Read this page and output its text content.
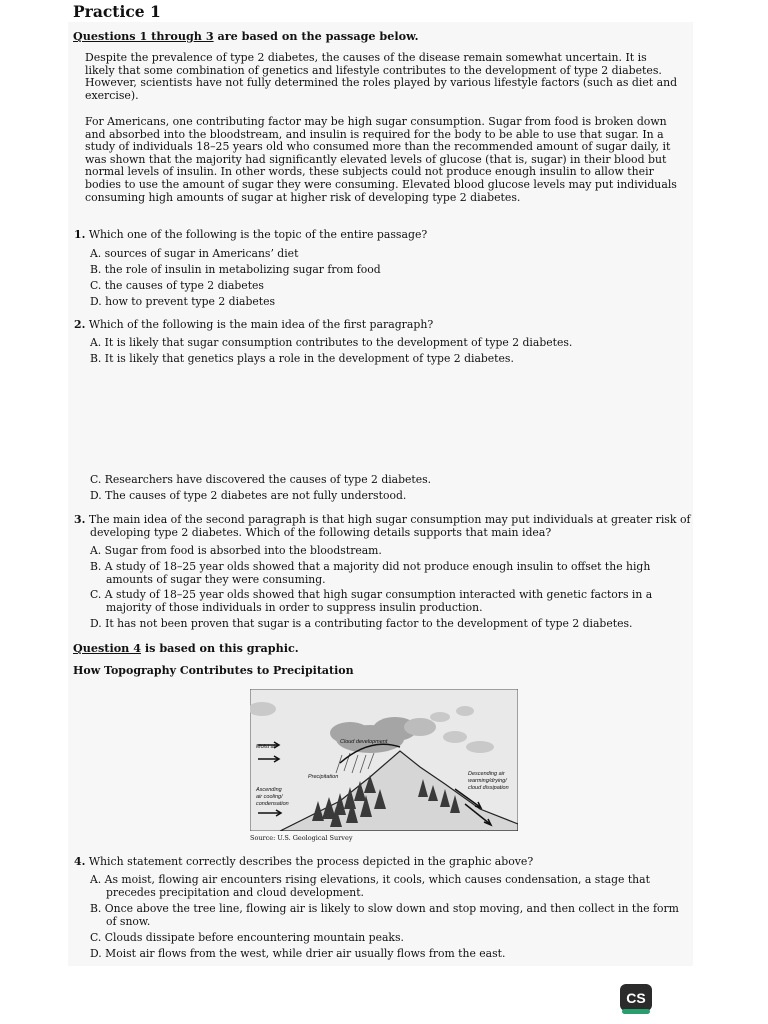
Practice 1
Questions 1 through 3 are based on the passage below.
Despite the prevalence of type 2 diabetes, the causes of the disease remain somewhat uncertain. It is likely that some combination of genetics and lifestyle contributes to the development of type 2 diabetes. However, scientists have not fully determined the roles played by various lifestyle factors (such as diet and exercise).
For Americans, one contributing factor may be high sugar consumption. Sugar from food is broken down and absorbed into the bloodstream, and insulin is required for the body to be able to use that sugar. In a study of individuals 18–25 years old who consumed more than the recommended amount of sugar daily, it was shown that the majority had significantly elevated levels of glucose (that is, sugar) in their blood but normal levels of insulin. In other words, these subjects could not produce enough insulin to allow their bodies to use the amount of sugar they were consuming. Elevated blood glucose levels may put individuals consuming high amounts of sugar at higher risk of developing type 2 diabetes.
1. Which one of the following is the topic of the entire passage?
A. sources of sugar in Americans’ diet
B. the role of insulin in metabolizing sugar from food
C. the causes of type 2 diabetes
D. how to prevent type 2 diabetes
2. Which of the following is the main idea of the first paragraph?
A. It is likely that sugar consumption contributes to the development of type 2 diabetes.
B. It is likely that genetics plays a role in the development of type 2 diabetes.
C. Researchers have discovered the causes of type 2 diabetes.
D. The causes of type 2 diabetes are not fully understood.
3. The main idea of the second paragraph is that high sugar consumption may put individuals at greater risk of developing type 2 diabetes. Which of the following details supports that main idea?
A. Sugar from food is absorbed into the bloodstream.
B. A study of 18–25 year olds showed that a majority did not produce enough insulin to offset the high amounts of sugar they were consuming.
C. A study of 18–25 year olds showed that high sugar consumption interacted with genetic factors in a majority of those individuals in order to suppress insulin production.
D. It has not been proven that sugar is a contributing factor to the development of type 2 diabetes.
Question 4 is based on this graphic.
How Topography Contributes to Precipitation
Moist air
Cloud development
Precipitation
Ascending
air cooling/
condensation
Descending air
warming/drying/
cloud dissipation
Source: U.S. Geological Survey
4. Which statement correctly describes the process depicted in the graphic above?
A. As moist, flowing air encounters rising elevations, it cools, which causes condensation, a stage that precedes precipitation and cloud development.
B. Once above the tree line, flowing air is likely to slow down and stop moving, and then collect in the form of snow.
C. Clouds dissipate before encountering mountain peaks.
D. Moist air flows from the west, while drier air usually flows from the east.
CS
